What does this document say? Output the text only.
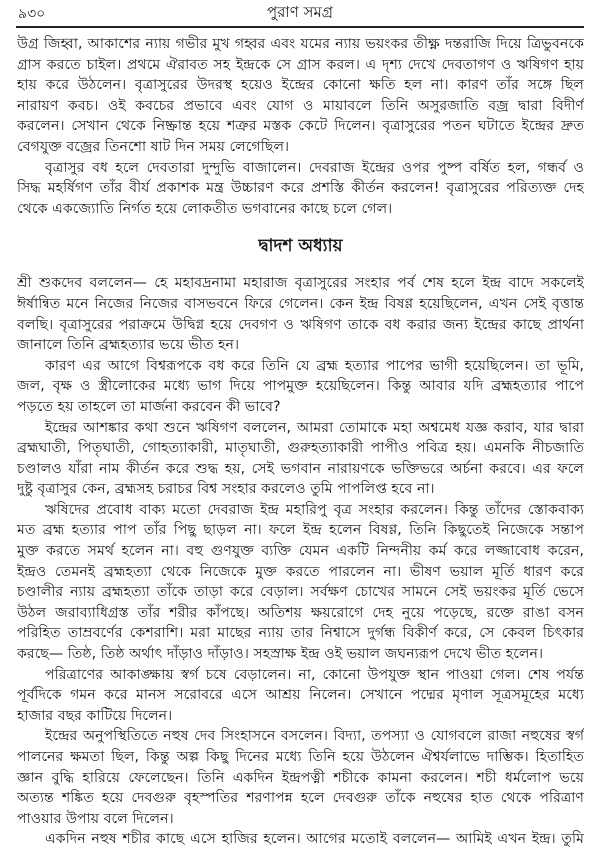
৯৩০	পুরাণ সমগ্র
উগ্র জিহ্বা, আকাশের ন্যায় গভীর মুখ গহ্বর এবং যমের ন্যায় ভয়ংকর তীক্ষ্ণ দন্তরাজি দিয়ে ত্রিভুবনকে
গ্রাস করতে চাইল। প্রথমে ঐরাবত সহ ইন্দ্রকে সে গ্রাস করল। এ দৃশ্য দেখে দেবতাগণ ও ঋষিগণ হায়
হায় করে উঠলেন। বৃত্রাসুরের উদরস্থ হয়েও ইন্দ্রের কোনো ক্ষতি হল না। কারণ তাঁর সঙ্গে ছিল
নারায়ণ কবচ। ওই কবচের প্রভাবে এবং যোগ ও মায়াবলে তিনি অসুরজাতি বজ্র দ্বারা বিদীর্ণ
করলেন। সেখান থেকে নিষ্ক্রান্ত হয়ে শত্রুর মস্তক কেটে দিলেন। বৃত্রাসুরের পতন ঘটাতে ইন্দ্রের দ্রুত
বেগযুক্ত বজ্রের তিনশো ষাট দিন সময় লেগেছিল।
বৃত্রাসুর বধ হলে দেবতারা দুন্দুভি বাজালেন। দেবরাজ ইন্দ্রের ওপর পুষ্প বর্ষিত হল, গন্ধর্ব ও
সিদ্ধ মহর্ষিগণ তাঁর বীর্য প্রকাশক মন্ত্র উচ্চারণ করে প্রশস্তি কীর্তন করলেন! বৃত্রাসুরের পরিত্যক্ত দেহ
থেকে একজ্যোতি নির্গত হয়ে লোকতীত ভগবানের কাছে চলে গেল।
দ্বাদশ অধ্যায়
শ্রী শুকদেব বললেন— হে মহাবদ্রনামা মহারাজ বৃত্রাসুরের সংহার পর্ব শেষ হলে ইন্দ্র বাদে সকলেই
ঈর্ষান্বিত মনে নিজের নিজের বাসভবনে ফিরে গেলেন। কেন ইন্দ্র বিষণ্ণ হয়েছিলেন, এখন সেই বৃত্তান্ত
বলছি। বৃত্রাসুরের পরাক্রমে উদ্বিগ্ন হয়ে দেবগণ ও ঋষিগণ তাকে বধ করার জন্য ইন্দ্রের কাছে প্রার্থনা
জানালে তিনি ব্রহ্মহত্যার ভয়ে ভীত হন।
কারণ এর আগে বিশ্বরূপকে বধ করে তিনি যে ব্রহ্ম হত্যার পাপের ভাগী হয়েছিলেন। তা ভূমি,
জল, বৃক্ষ ও স্ত্রীলোকের মধ্যে ভাগ দিয়ে পাপমুক্ত হয়েছিলেন। কিন্তু আবার যদি ব্রহ্মহত্যার পাপে
পড়তে হয় তাহলে তা মার্জনা করবেন কী ভাবে?
ইন্দ্রের আশঙ্কার কথা শুনে ঋষিগণ বললেন, আমরা তোমাকে মহা অশ্বমেধ যজ্ঞ করাব, যার দ্বারা
ব্রহ্মঘাতী, পিতৃঘাতী, গোহত্যাকারী, মাতৃঘাতী, গুরুহত্যাকারী পাপীও পবিত্র হয়। এমনকি নীচজাতি
চণ্ডালও যাঁরা নাম কীর্তন করে শুদ্ধ হয়, সেই ভগবান নারায়ণকে ভক্তিভরে অর্চনা করবে। এর ফলে
দুষ্টু বৃত্রাসুর কেন, ব্রহ্মসহ চরাচর বিশ্ব সংহার করলেও তুমি পাপলিপ্ত হবে না।
ঋষিদের প্রবোধ বাক্য মতো দেবরাজ ইন্দ্র মহারিপু বৃত্র সংহার করলেন। কিন্তু তাঁদের স্তোকবাক্য
মত ব্রহ্ম হত্যার পাপ তাঁর পিছু ছাড়ল না। ফলে ইন্দ্র হলেন বিষণ্ণ, তিনি কিছুতেই নিজেকে সন্তাপ
মুক্ত করতে সমর্থ হলেন না। বহু গুণযুক্ত ব্যক্তি যেমন একটি নিন্দনীয় কর্ম করে লজ্জাবোধ করেন,
ইন্দ্রও তেমনই ব্রহ্মহত্যা থেকে নিজেকে মুক্ত করতে পারলেন না। ভীষণ ভয়াল মূর্তি ধারণ করে
চণ্ডালীর ন্যায় ব্রহ্মহত্যা তাঁকে তাড়া করে বেড়াল। সর্বক্ষণ চোখের সামনে সেই ভয়ংকর মূর্তি ভেসে
উঠল জরাব্যাধিগ্রস্ত তাঁর শরীর কাঁপছে। অতিশয় ক্ষয়রোগে দেহ নুয়ে পড়েছে, রক্তে রাঙা বসন
পরিহিত তাম্রবর্ণের কেশরাশি। মরা মাছের ন্যায় তার নিশ্বাসে দুর্গন্ধ বিকীর্ণ করে, সে কেবল চিৎকার
করছে— তিষ্ঠ, তিষ্ঠ অর্থাৎ দাঁড়াও দাঁড়াও। সহস্রাক্ষ ইন্দ্র ওই ভয়াল জঘন্যরূপ দেখে ভীত হলেন।
পরিত্রাণের আকাঙ্ক্ষায় স্বর্গ চষে বেড়ালেন। না, কোনো উপযুক্ত স্থান পাওয়া গেল। শেষ পর্যন্ত
পূর্বদিকে গমন করে মানস সরোবরে এসে আশ্রয় নিলেন। সেখানে পদ্মের মৃণাল সূত্রসমূহের মধ্যে
হাজার বছর কাটিয়ে দিলেন।
ইন্দ্রের অনুপস্থিতিতে নহুষ দেব সিংহাসনে বসলেন। বিদ্যা, তপস্যা ও যোগবলে রাজা নহুষের স্বর্গ
পালনের ক্ষমতা ছিল, কিন্তু অল্প কিছু দিনের মধ্যে তিনি হয়ে উঠলেন ঐশ্বর্যলাভে দাম্ভিক। হিতাহিত
জ্ঞান বুদ্ধি হারিয়ে ফেলেছেন। তিনি একদিন ইন্দ্রপত্নী শচীকে কামনা করলেন। শচী ধর্মলোপ ভয়ে
অত্যন্ত শঙ্কিত হয়ে দেবগুরু বৃহস্পতির শরণাপন্ন হলে দেবগুরু তাঁকে নহুষের হাত থেকে পরিত্রাণ
পাওয়ার উপায় বলে দিলেন।
একদিন নহুষ শচীর কাছে এসে হাজির হলেন। আগের মতোই বললেন— আমিই এখন ইন্দ্র। তুমি
